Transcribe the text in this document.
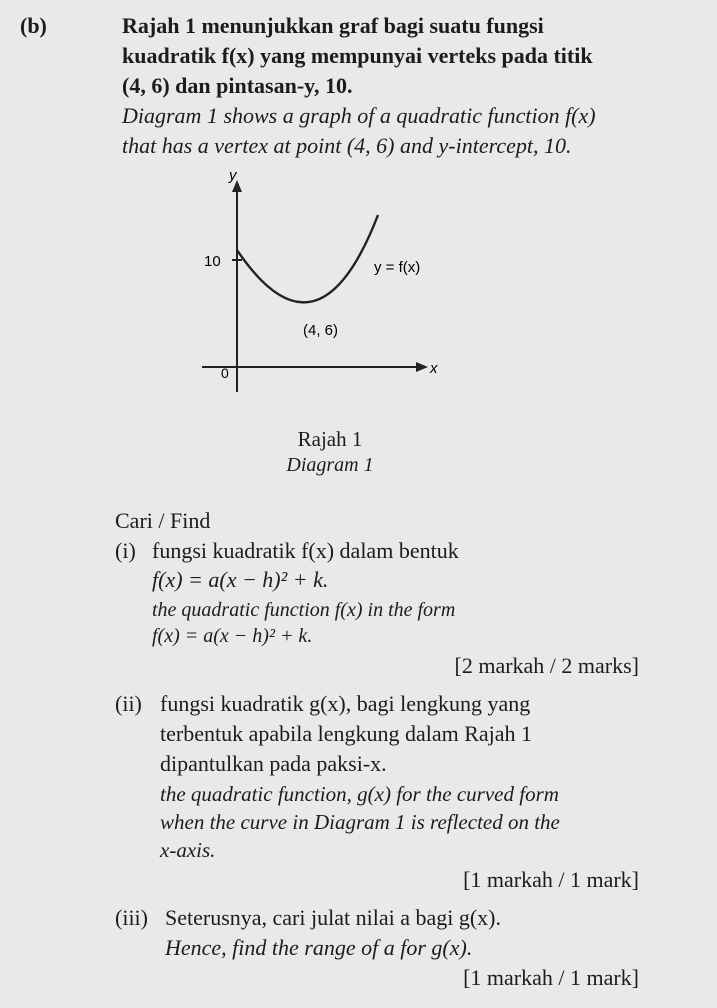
(b)	Rajah 1 menunjukkan graf bagi suatu fungsi
kuadratik f(x) yang mempunyai verteks pada titik
(4, 6) dan pintasan-y, 10.
Diagram 1 shows a graph of a quadratic function f(x)
that has a vertex at point (4, 6) and y-intercept, 10.
y
x
0
10
(4, 6)
y = f(x)
Rajah 1
Diagram 1
Cari / Find
(i) fungsi kuadratik f(x) dalam bentuk
f(x) = a(x − h)² + k.
the quadratic function f(x) in the form
f(x) = a(x − h)² + k.
[2 markah / 2 marks]
(ii) fungsi kuadratik g(x), bagi lengkung yang
terbentuk apabila lengkung dalam Rajah 1
dipantulkan pada paksi-x.
the quadratic function, g(x) for the curved form
when the curve in Diagram 1 is reflected on the
x-axis.
[1 markah / 1 mark]
(iii) Seterusnya, cari julat nilai a bagi g(x).
Hence, find the range of a for g(x).
[1 markah / 1 mark]
